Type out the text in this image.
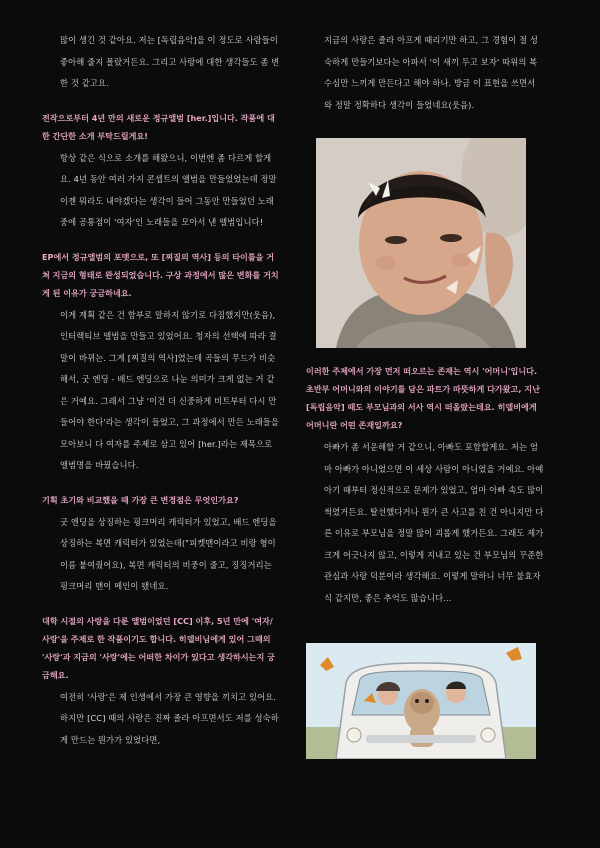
많이 생긴 것 같아요. 저는 [독립음악]을 이 정도로 사람들이 좋아해 줄지 몰랐거든요. 그리고 사랑에 대한 생각들도 좀 변한 것 같고요.

전작으로부터 4년 만의 새로운 정규앨범 [her.]입니다. 작품에 대한 간단한 소개 부탁드릴게요!

항상 같은 식으로 소개를 해왔으니, 이번엔 좀 다르게 할게요. 4년 동안 여러 가지 콘셉트의 앨범을 만들었었는데 정말 이젠 뭐라도 내야겠다는 생각이 들어 그동안 만들었던 노래 중에 공통점이 '여자'인 노래들을 모아서 낸 앨범입니다!

EP에서 정규앨범의 포맷으로, 또 [찌질의 역사] 등의 타이틀을 거쳐 지금의 형태로 완성되었습니다. 구상 과정에서 많은 변화를 거치게 된 이유가 궁금하네요.

이게 계획 같은 건 함부로 말하지 않기로 다짐했지만(웃음), 인터랙티브 앨범을 만들고 있었어요. 청자의 선택에 따라 결말이 바뀌는. 그게 [찌질의 역사]였는데 곡들의 무드가 비슷해서, 굿 엔딩 - 배드 엔딩으로 나눈 의미가 크게 없는 거 같은 거예요. 그래서 그냥 '이건 더 신중하게 비트부터 다시 만들어야 한다'라는 생각이 들었고, 그 과정에서 만든 노래들을 모아보니 다 여자를 주제로 삼고 있어 [her.]라는 제목으로 앨범명을 바꿨습니다.

기획 초기와 비교했을 때 가장 큰 변경점은 무엇인가요?

굿 엔딩을 상징하는 핑크머리 캐릭터가 있었고, 배드 엔딩을 상징하는 복면 캐릭터가 있었는데("피켓맨이라고 비랑 형이 이름 붙여줬어요), 복면 캐릭터의 비중이 줄고, 징징거리는 핑크머리 맨이 메인이 됐네요.

대학 시절의 사랑을 다룬 앨범이었던 [CC] 이후, 5년 만에 '여자/사랑'을 주제로 한 작품이기도 합니다. 히델비님에게 있어 그때의 '사랑'과 지금의 '사랑'에는 어떠한 차이가 있다고 생각하시는지 궁금해요.

여전히 '사랑'은 제 인생에서 가장 큰 영향을 끼치고 있어요. 하지만 [CC] 때의 사랑은 진짜 졸라 아프면서도 저를 성숙하게 만드는 뭔가가 있었다면,

지금의 사랑은 졸라 아프게 때리기만 하고, 그 경험이 절 성숙하게 만들기보다는 아파서 '이 새끼 두고 보자' 따위의 복수심만 느끼게 만든다고 해야 하나. 방금 이 표현을 쓰면서 와 정말 정확하다 생각이 들었네요(웃음).

이러한 주제에서 가장 먼저 떠오르는 존재는 역시 '어머니'입니다. 초반부 어머니와의 이야기를 담은 파트가 따뜻하게 다가왔고, 지난 [독립음악] 때도 부모님과의 서사 역시 떠올랐는데요. 히델비에게 어머니란 어떤 존재일까요?

아빠가 좀 서운해할 거 같으니, 아빠도 포함할게요. 저는 엄마 아빠가 아니었으면 이 세상 사람이 아니었을 거예요. 아예 아기 때부터 정신적으로 문제가 있었고, 엄마 아빠 속도 많이 썩였거든요. 탈선했다거나 뭔가 큰 사고를 친 건 아니지만 다른 이유로 부모님을 정말 많이 괴롭게 했거든요. 그래도 제가 크게 어긋나지 않고, 이렇게 지내고 있는 건 부모님의 꾸준한 관심과 사랑 덕분이라 생각해요. 이렇게 말하니 너무 불효자식 같지만, 좋은 추억도 많습니다…
